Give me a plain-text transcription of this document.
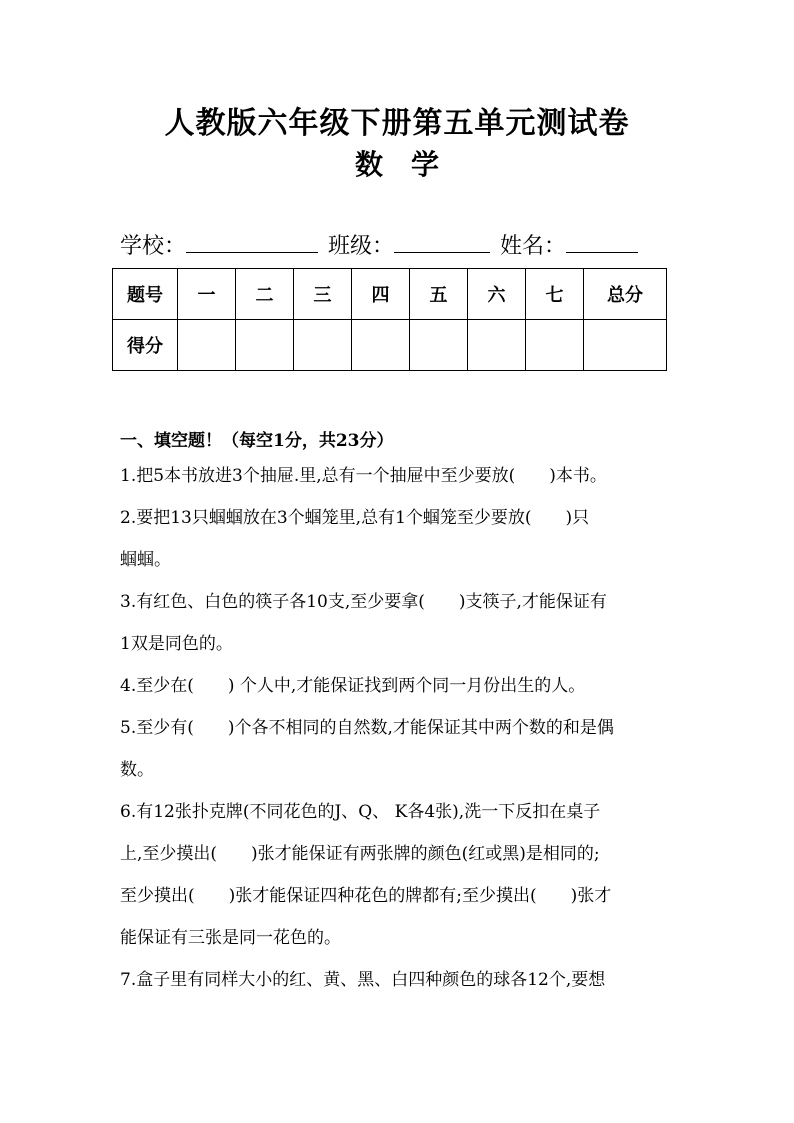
人教版六年级下册第五单元测试卷
数　学
学校：	班级：	姓名：
题号	一	二	三	四	五	六	七	总分
得分								
一、填空题！（每空1分，共23分）
1.把5本书放进3个抽屉.里,总有一个抽屉中至少要放(　　)本书。
2.要把13只蝈蝈放在3个蝈笼里,总有1个蝈笼至少要放(　　)只
蝈蝈。
3.有红色、白色的筷子各10支,至少要拿(　　)支筷子,才能保证有
1双是同色的。
4.至少在(　　) 个人中,才能保证找到两个同一月份出生的人。
5.至少有(　　)个各不相同的自然数,才能保证其中两个数的和是偶
数。
6.有12张扑克牌(不同花色的J、Q、 K各4张),洗一下反扣在桌子
上,至少摸出(　　)张才能保证有两张牌的颜色(红或黑)是相同的;
至少摸出(　　)张才能保证四种花色的牌都有;至少摸出(　　)张才
能保证有三张是同一花色的。
7.盒子里有同样大小的红、黄、黑、白四种颜色的球各12个,要想
